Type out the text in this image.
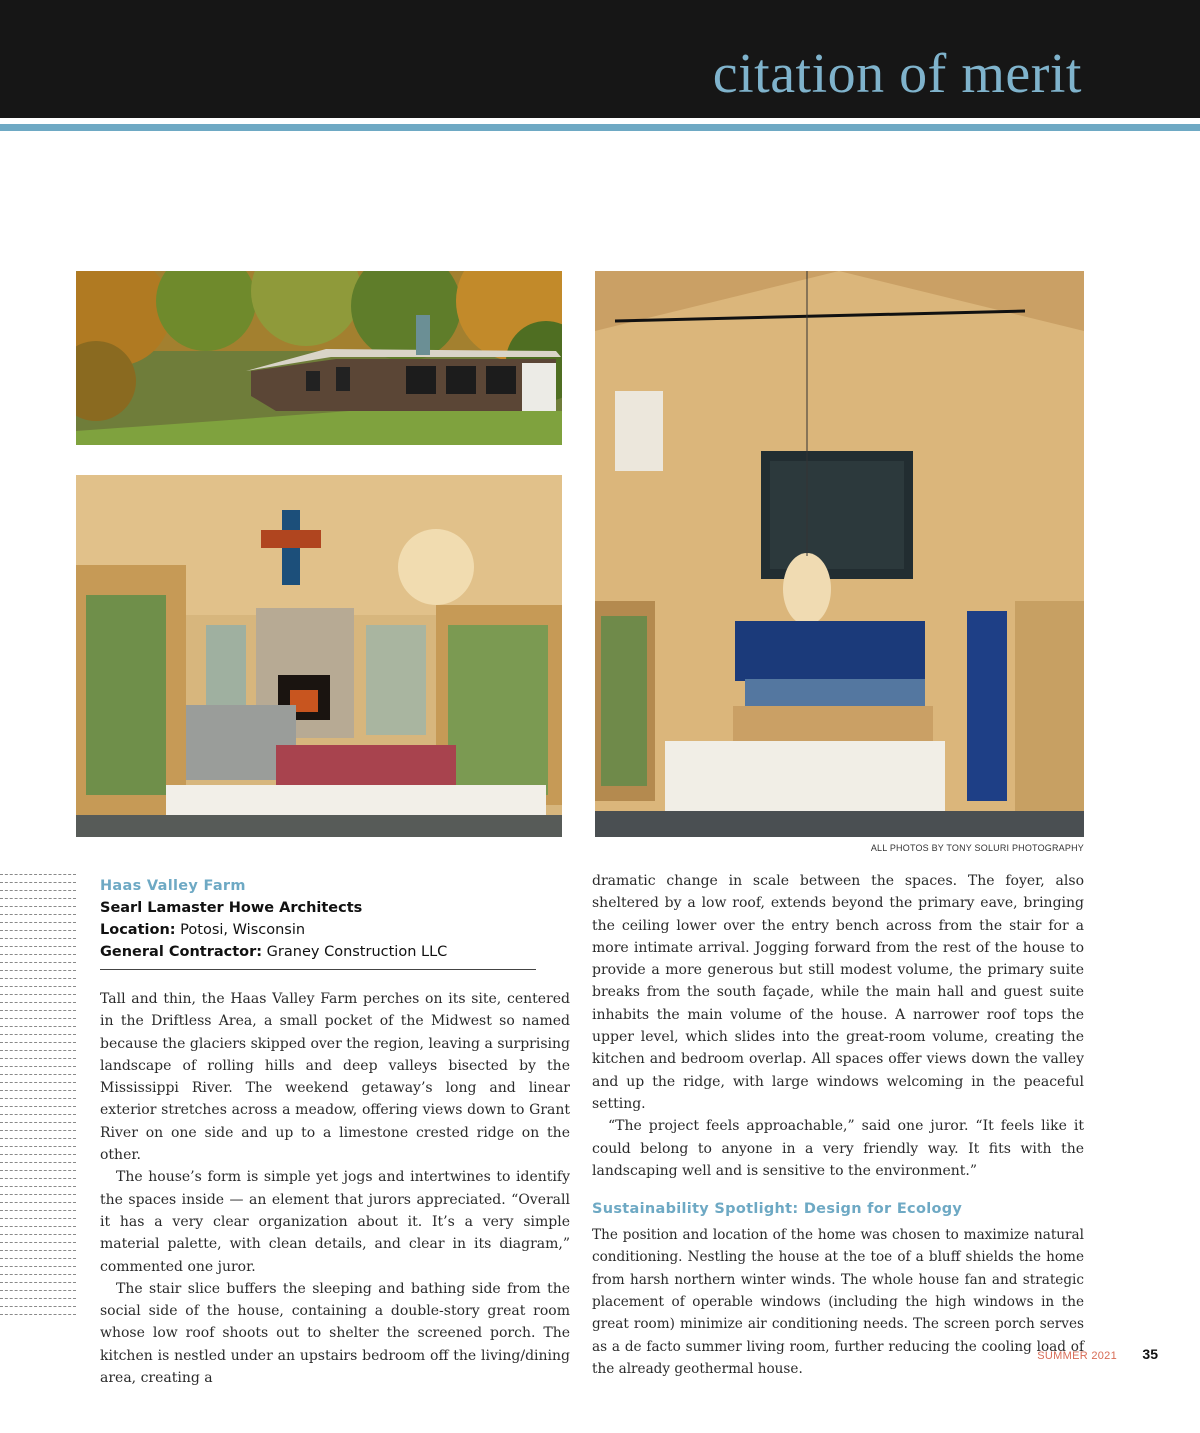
citation of merit
ALL PHOTOS BY TONY SOLURI PHOTOGRAPHY
Haas Valley Farm
Searl Lamaster Howe Architects
Location: Potosi, Wisconsin
General Contractor: Graney Construction LLC

Tall and thin, the Haas Valley Farm perches on its site, centered in the Driftless Area, a small pocket of the Midwest so named because the glaciers skipped over the region, leaving a surprising landscape of rolling hills and deep valleys bisected by the Mississippi River. The weekend getaway’s long and linear exterior stretches across a meadow, offering views down to Grant River on one side and up to a limestone crested ridge on the other.

The house’s form is simple yet jogs and intertwines to identify the spaces inside — an element that jurors appreciated. “Overall it has a very clear organization about it. It’s a very simple material palette, with clean details, and clear in its diagram,” commented one juror.

The stair slice buffers the sleeping and bathing side from the social side of the house, containing a double-story great room whose low roof shoots out to shelter the screened porch. The kitchen is nestled under an upstairs bedroom off the living/dining area, creating a

dramatic change in scale between the spaces. The foyer, also sheltered by a low roof, extends beyond the primary eave, bringing the ceiling lower over the entry bench across from the stair for a more intimate arrival. Jogging forward from the rest of the house to provide a more generous but still modest volume, the primary suite breaks from the south façade, while the main hall and guest suite inhabits the main volume of the house. A narrower roof tops the upper level, which slides into the great-room volume, creating the kitchen and bedroom overlap. All spaces offer views down the valley and up the ridge, with large windows welcoming in the peaceful setting.

“The project feels approachable,” said one juror. “It feels like it could belong to anyone in a very friendly way. It fits with the landscaping well and is sensitive to the environment.”

Sustainability Spotlight: Design for Ecology

The position and location of the home was chosen to maximize natural conditioning. Nestling the house at the toe of a bluff shields the home from harsh northern winter winds. The whole house fan and strategic placement of operable windows (including the high windows in the great room) minimize air conditioning needs. The screen porch serves as a de facto summer living room, further reducing the cooling load of the already geothermal house.

SUMMER 2021 35
